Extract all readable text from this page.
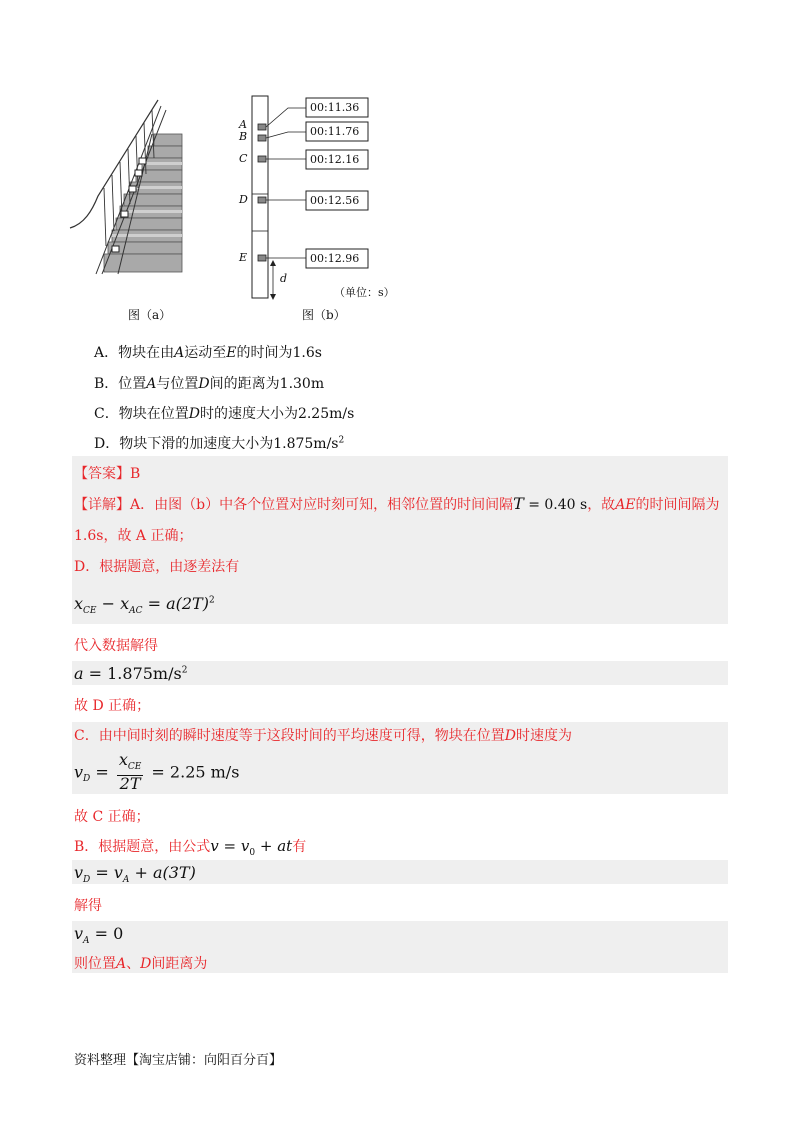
图（a）
A
B
C
D
E
00:11.36
00:11.76
00:12.16
00:12.56
00:12.96
d
（单位：s）
图（b）
A．物块在由A运动至E的时间为1.6s
B．位置A与位置D间的距离为1.30m
C．物块在位置D时的速度大小为2.25m/s
D．物块下滑的加速度大小为$1.875m/s^2$
【答案】B
【详解】A．由图（b）中各个位置对应时刻可知，相邻位置的时间间隔T = 0.40 s，故AE的时间间隔为
1.6s，故 A 正确；
D．根据题意，由逐差法有
$x_{CE} - x_{AC} = a(2T)^2$
代入数据解得
$a = 1.875m/s^2$
故 D 正确；
C．由中间时刻的瞬时速度等于这段时间的平均速度可得，物块在位置D时速度为
$v_D = \frac{x_{CE}}{2T} = 2.25$ m/s
故 C 正确；
B．根据题意，由公式$v = v_0$ + at有
$v_D = v_A + a(3T)$
解得
$v_A = 0$
则位置A、D间距离为
资料整理【淘宝店铺：向阳百分百】
